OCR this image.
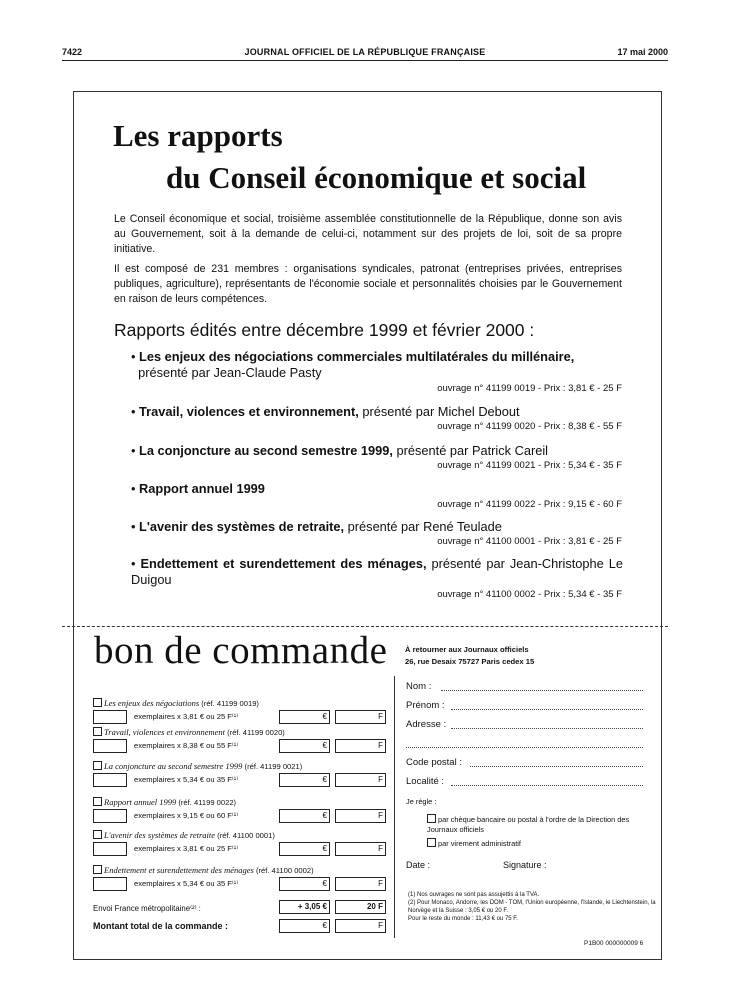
7422	JOURNAL OFFICIEL DE LA RÉPUBLIQUE FRANÇAISE	17 mai 2000
Les rapports
du Conseil économique et social
Le Conseil économique et social, troisième assemblée constitutionnelle de la République, donne son avis au Gouvernement, soit à la demande de celui-ci, notamment sur des projets de loi, soit de sa propre initiative.
Il est composé de 231 membres : organisations syndicales, patronat (entreprises privées, entreprises publiques, agriculture), représentants de l'économie sociale et personnalités choisies par le Gouvernement en raison de leurs compétences.
Rapports édités entre décembre 1999 et février 2000 :
• Les enjeux des négociations commerciales multilatérales du millénaire,
présenté par Jean-Claude Pasty
ouvrage n° 41199 0019 - Prix : 3,81 € - 25 F
• Travail, violences et environnement, présenté par Michel Debout
ouvrage n° 41199 0020 - Prix : 8,38 € - 55 F
• La conjoncture au second semestre 1999, présenté par Patrick Careil
ouvrage n° 41199 0021 - Prix : 5,34 € - 35 F
• Rapport annuel 1999
ouvrage n° 41199 0022 - Prix : 9,15 € - 60 F
• L'avenir des systèmes de retraite, présenté par René Teulade
ouvrage n° 41100 0001 - Prix : 3,81 € - 25 F
• Endettement et surendettement des ménages, présenté par Jean-Christophe Le Duigou
ouvrage n° 41100 0002 - Prix : 5,34 € - 35 F
bon de commande À retourner aux Journaux officiels
26, rue Desaix 75727 Paris cedex 15
Les enjeux des négociations (réf. 41199 0019)
exemplaires x 3,81 € ou 25 F⁽¹⁾	€	F
Travail, violences et environnement (réf. 41199 0020)
exemplaires x 8,38 € ou 55 F⁽¹⁾	€	F
La conjoncture au second semestre 1999 (réf. 41199 0021)
exemplaires x 5,34 € ou 35 F⁽¹⁾	€	F
Rapport annuel 1999 (réf. 41199 0022)
exemplaires x 9,15 € ou 60 F⁽¹⁾	€	F
L'avenir des systèmes de retraite (réf. 41100 0001)
exemplaires x 3,81 € ou 25 F⁽¹⁾	€	F
Endettement et surendettement des ménages (réf. 41100 0002)
exemplaires x 5,34 € ou 35 F⁽¹⁾	€	F
Envoi France métropolitaine⁽²⁾ :	+ 3,05 €	20 F
Montant total de la commande :	€	F
Nom :
Prénom :
Adresse :
Code postal :
Localité :
Je règle :
par chèque bancaire ou postal à l'ordre de la Direction des Journaux officiels
par virement administratif
Date :	Signature :
(1) Nos ouvrages ne sont pas assujettis à la TVA.
(2) Pour Monaco, Andorre, les DOM - TOM, l'Union européenne, l'Islande, le Liechtenstein, la Norvège et la Suisse : 3,05 € ou 20 F.
Pour le reste du monde : 11,43 € ou 75 F.
P1B00 000000009 6
